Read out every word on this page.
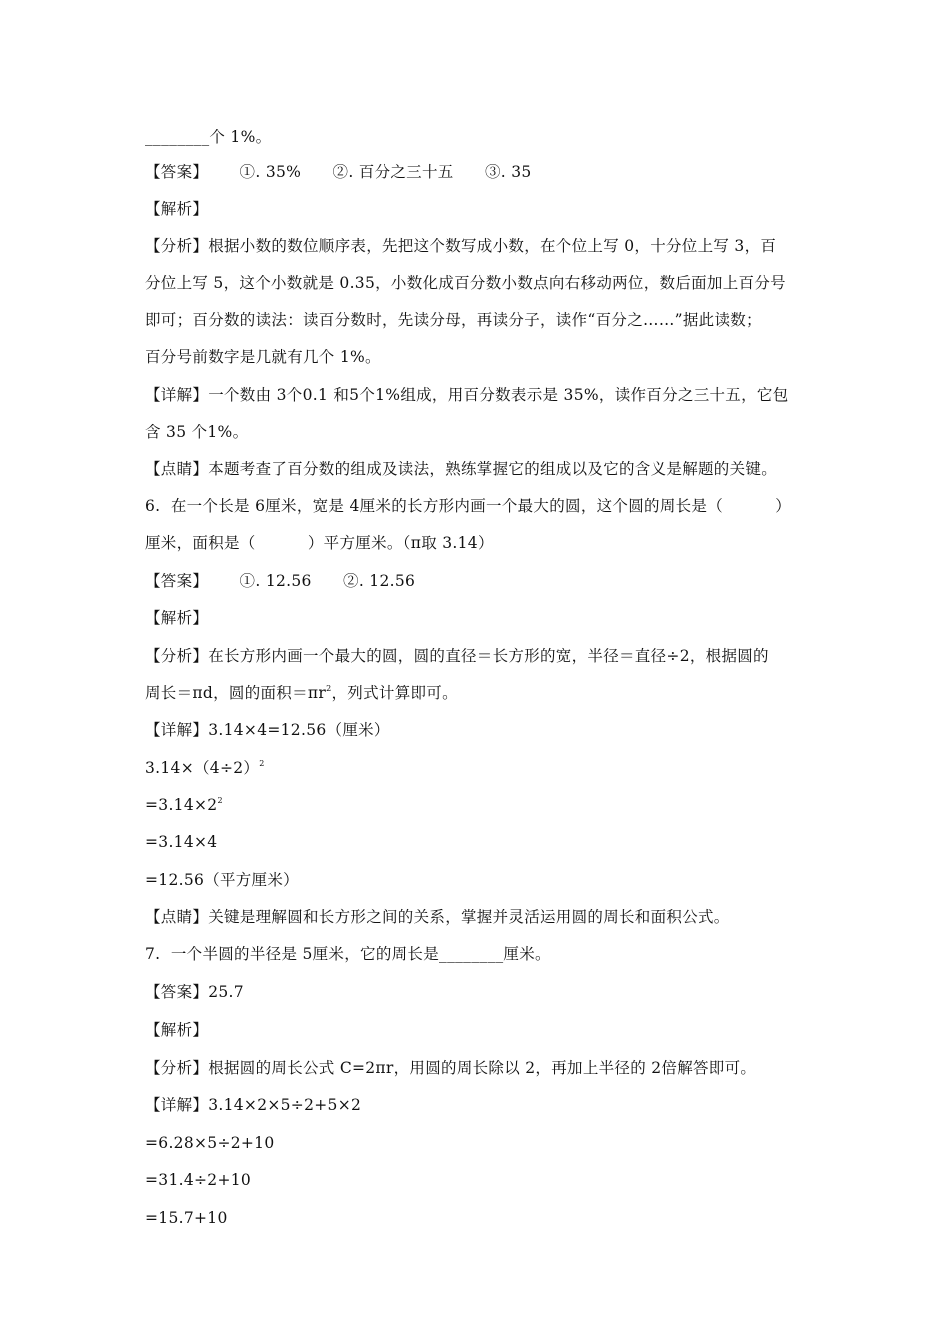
________个 1%。
【答案】      ①. 35%      ②. 百分之三十五      ③. 35
【解析】
【分析】根据小数的数位顺序表，先把这个数写成小数，在个位上写 0，十分位上写 3，百
分位上写 5，这个小数就是 0.35，小数化成百分数小数点向右移动两位，数后面加上百分号
即可；百分数的读法：读百分数时，先读分母，再读分子，读作“百分之……”据此读数；
百分号前数字是几就有几个 1%。
【详解】一个数由 3个0.1 和5个1%组成，用百分数表示是 35%，读作百分之三十五，它包
含 35 个1%。
【点睛】本题考查了百分数的组成及读法，熟练掌握它的组成以及它的含义是解题的关键。
6.  在一个长是 6厘米，宽是 4厘米的长方形内画一个最大的圆，这个圆的周长是（          ）
厘米，面积是（          ）平方厘米。（π取 3.14）
【答案】      ①. 12.56      ②. 12.56
【解析】
【分析】在长方形内画一个最大的圆，圆的直径＝长方形的宽，半径＝直径÷2，根据圆的
周长＝πd，圆的面积$=\pi r^2$，列式计算即可。
【详解】3.14×4=12.56（厘米）
$3.14\times(4\div 2)^2$
$=3.14\times 2^2$
=3.14×4
=12.56（平方厘米）
【点睛】关键是理解圆和长方形之间的关系，掌握并灵活运用圆的周长和面积公式。
7.  一个半圆的半径是 5厘米，它的周长是________厘米。
【答案】25.7
【解析】
【分析】根据圆的周长公式 C=2πr，用圆的周长除以 2，再加上半径的 2倍解答即可。
【详解】3.14×2×5÷2+5×2
=6.28×5÷2+10
=31.4÷2+10
=15.7+10
